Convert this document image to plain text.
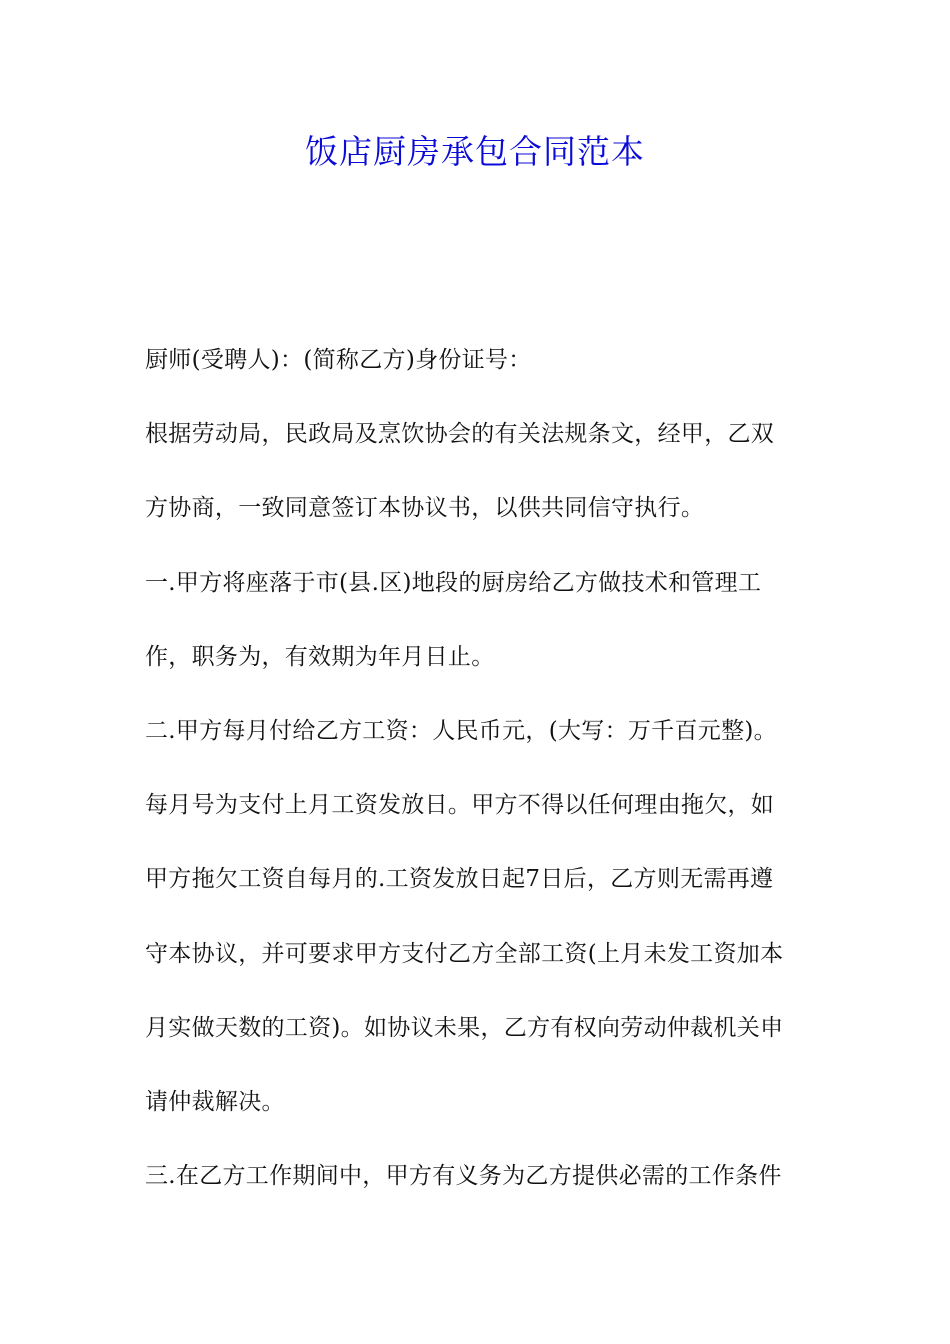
饭店厨房承包合同范本

厨师(受聘人)：(简称乙方)身份证号：

根据劳动局，民政局及烹饮协会的有关法规条文，经甲，乙双

方协商，一致同意签订本协议书，以供共同信守执行。

一.甲方将座落于市(县.区)地段的厨房给乙方做技术和管理工

作，职务为，有效期为年月日止。

二.甲方每月付给乙方工资：人民币元，(大写：万千百元整)。

每月号为支付上月工资发放日。甲方不得以任何理由拖欠，如

甲方拖欠工资自每月的.工资发放日起7日后，乙方则无需再遵

守本协议，并可要求甲方支付乙方全部工资(上月未发工资加本

月实做天数的工资)。如协议未果，乙方有权向劳动仲裁机关申

请仲裁解决。

三.在乙方工作期间中，甲方有义务为乙方提供必需的工作条件
